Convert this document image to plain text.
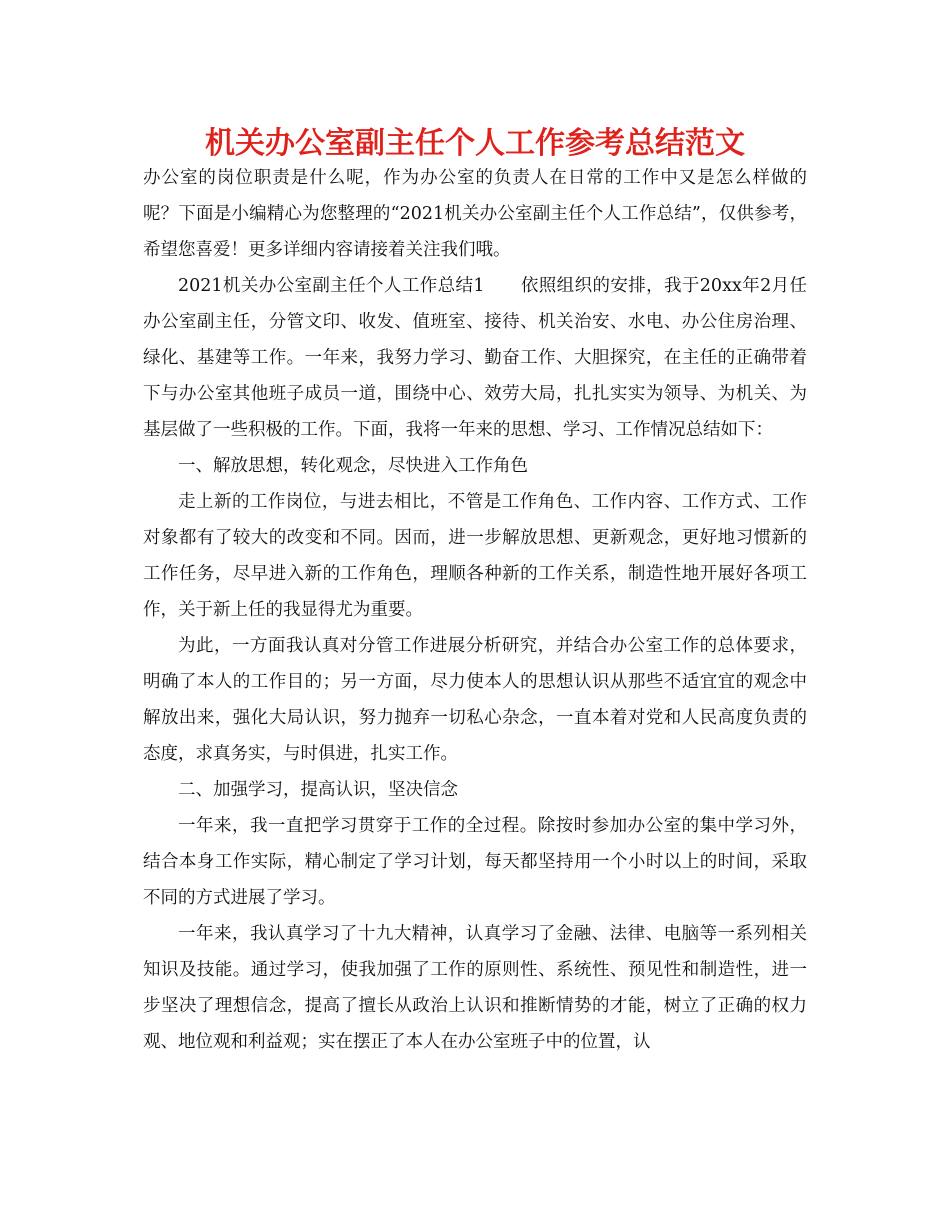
机关办公室副主任个人工作参考总结范文

办公室的岗位职责是什么呢，作为办公室的负责人在日常的工作中又是怎么样做的呢？下面是小编精心为您整理的“2021机关办公室副主任个人工作总结”，仅供参考，希望您喜爱！更多详细内容请接着关注我们哦。

2021机关办公室副主任个人工作总结1 依照组织的安排，我于20xx年2月任办公室副主任，分管文印、收发、值班室、接待、机关治安、水电、办公住房治理、绿化、基建等工作。一年来，我努力学习、勤奋工作、大胆探究，在主任的正确带着下与办公室其他班子成员一道，围绕中心、效劳大局，扎扎实实为领导、为机关、为基层做了一些积极的工作。下面，我将一年来的思想、学习、工作情况总结如下：

一、解放思想，转化观念，尽快进入工作角色

走上新的工作岗位，与进去相比，不管是工作角色、工作内容、工作方式、工作对象都有了较大的改变和不同。因而，进一步解放思想、更新观念，更好地习惯新的工作任务，尽早进入新的工作角色，理顺各种新的工作关系，制造性地开展好各项工作，关于新上任的我显得尤为重要。

为此，一方面我认真对分管工作进展分析研究，并结合办公室工作的总体要求，明确了本人的工作目的；另一方面，尽力使本人的思想认识从那些不适宜宜的观念中解放出来，强化大局认识，努力抛弃一切私心杂念，一直本着对党和人民高度负责的态度，求真务实，与时俱进，扎实工作。

二、加强学习，提高认识，坚决信念

一年来，我一直把学习贯穿于工作的全过程。除按时参加办公室的集中学习外，结合本身工作实际，精心制定了学习计划，每天都坚持用一个小时以上的时间，采取不同的方式进展了学习。

一年来，我认真学习了十九大精神，认真学习了金融、法律、电脑等一系列相关知识及技能。通过学习，使我加强了工作的原则性、系统性、预见性和制造性，进一步坚决了理想信念，提高了擅长从政治上认识和推断情势的才能，树立了正确的权力观、地位观和利益观；实在摆正了本人在办公室班子中的位置，认
